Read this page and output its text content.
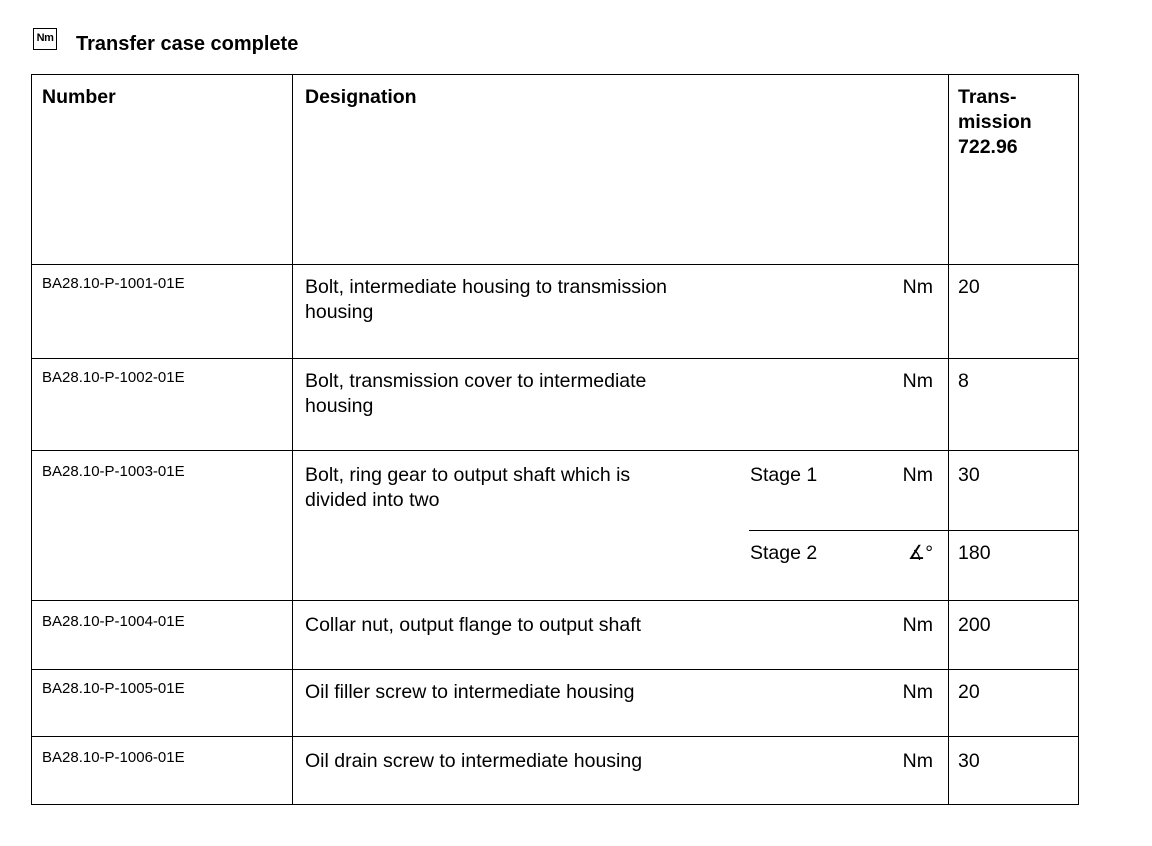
Nm Transfer case complete
Number	Designation	Trans-
mission
722.96
BA28.10-P-1001-01E	Bolt, intermediate housing to transmission
housing
Nm 20
BA28.10-P-1002-01E	Bolt, transmission cover to intermediate
housing
Nm 8
BA28.10-P-1003-01E	Bolt, ring gear to output shaft which is
divided into two
Stage 1	Nm 30
Stage 2	∡° 180
BA28.10-P-1004-01E	Collar nut, output flange to output shaft	Nm 200
BA28.10-P-1005-01E	Oil filler screw to intermediate housing	Nm 20
BA28.10-P-1006-01E	Oil drain screw to intermediate housing	Nm 30
